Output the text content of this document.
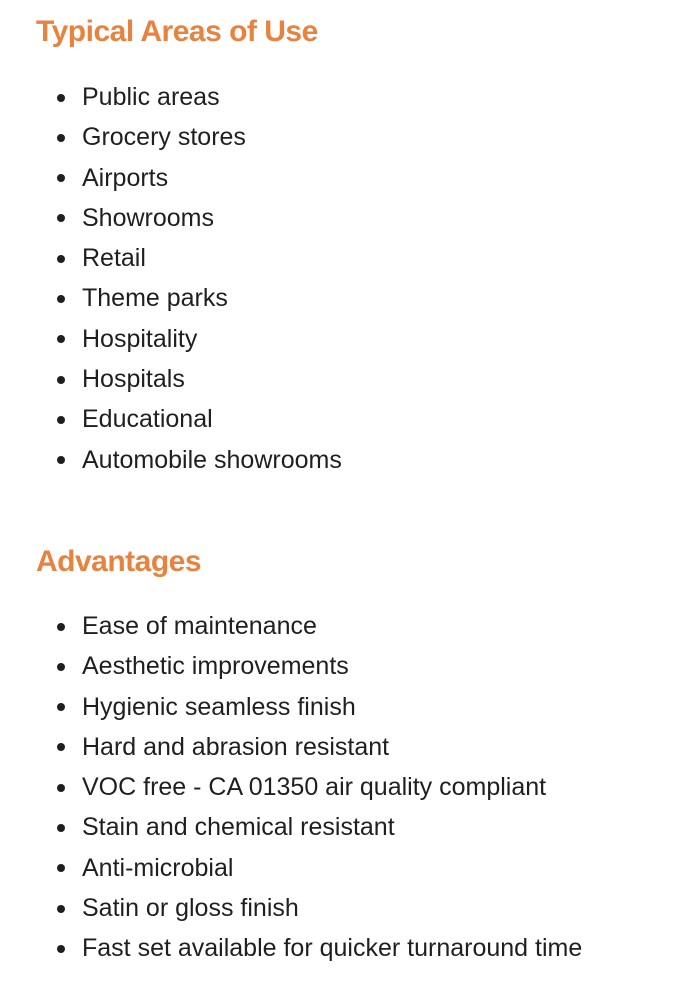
Typical Areas of Use
Public areas
Grocery stores
Airports
Showrooms
Retail
Theme parks
Hospitality
Hospitals
Educational
Automobile showrooms
Advantages
Ease of maintenance
Aesthetic improvements
Hygienic seamless finish
Hard and abrasion resistant
VOC free - CA 01350 air quality compliant
Stain and chemical resistant
Anti-microbial
Satin or gloss finish
Fast set available for quicker turnaround time
